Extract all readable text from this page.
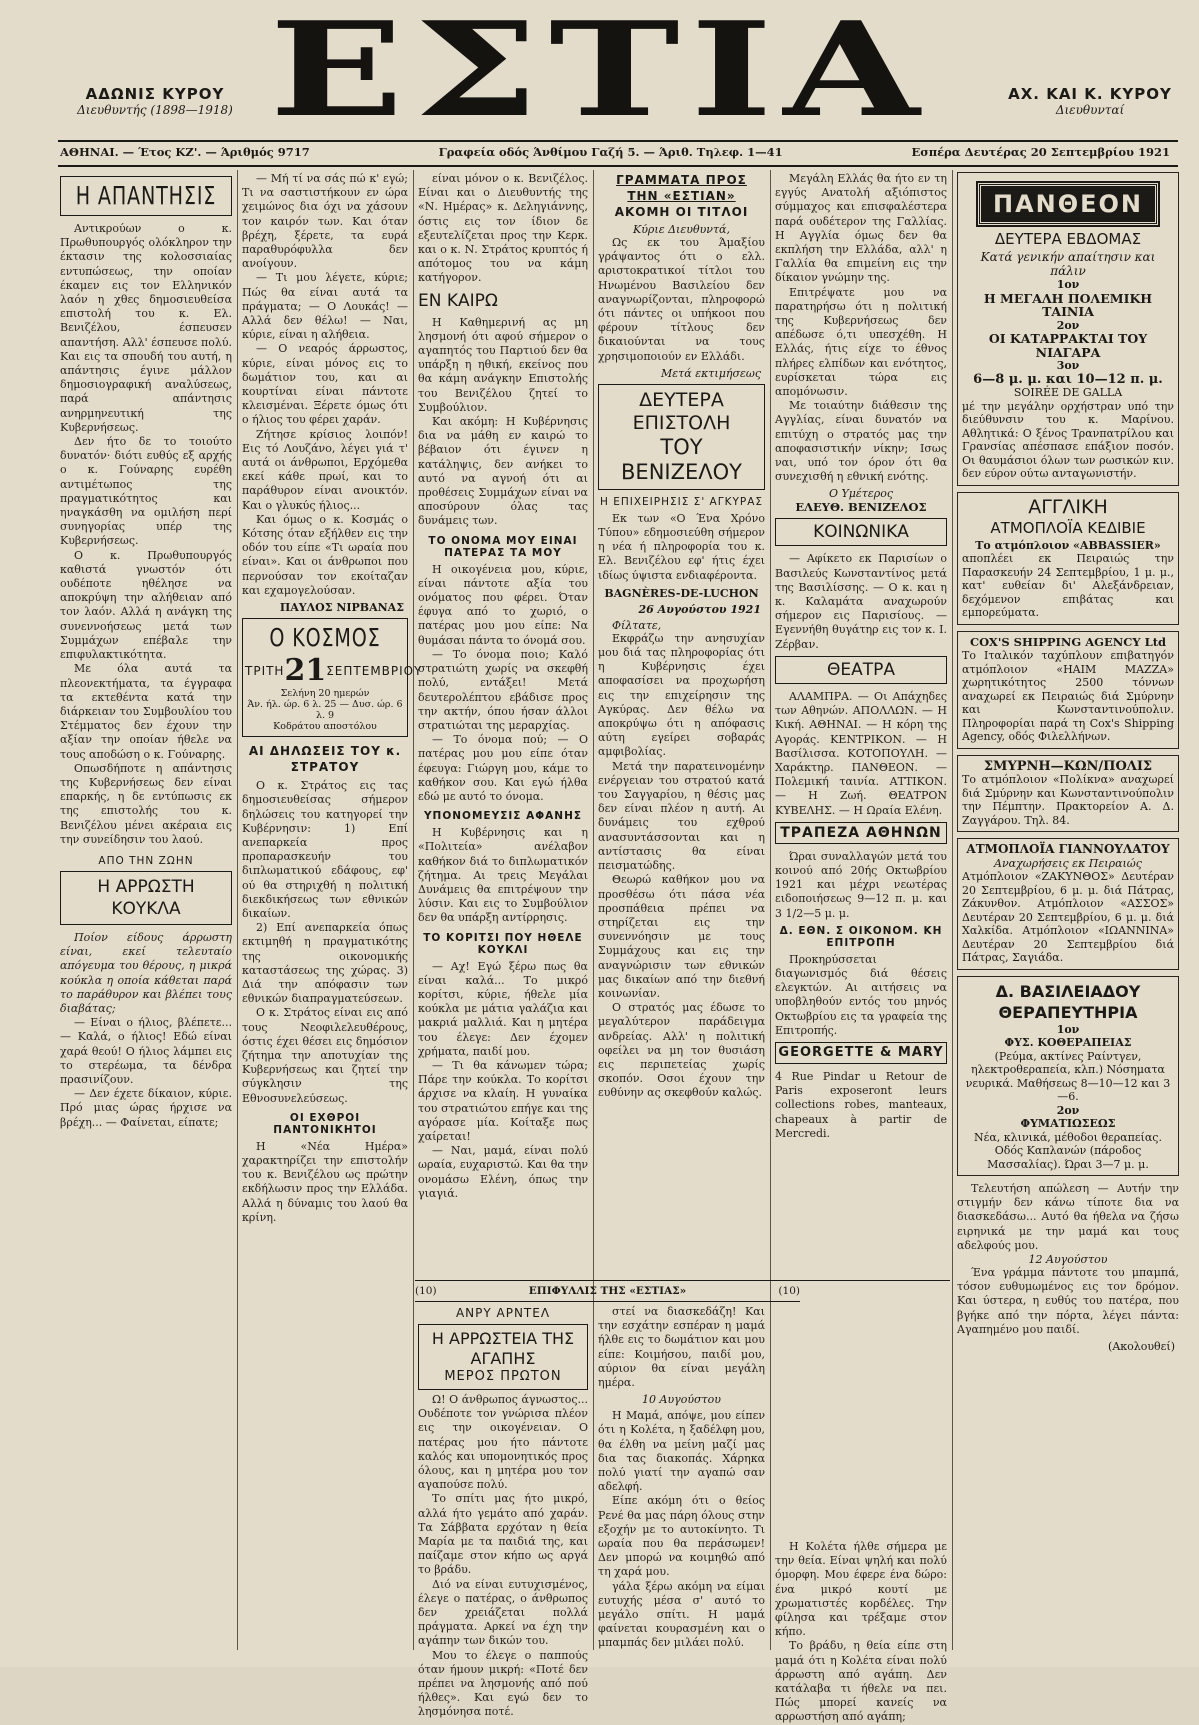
ΑΔΩΝΙΣ ΚΥΡΟΥ
Διευθυντής (1898—1918) ΕΣΤΙΑ	ΑΧ. ΚΑΙ Κ. ΚΥΡΟΥ
Διευθυνταί
ΑΘΗΝΑΙ. — Έτος ΚΖ'. — Άριθμός 9717	Γραφεία οδός Άνθίμου Γαζή 5. — Άριθ. Τηλεφ. 1—41	Εσπέρα Δευτέρας 20 Σεπτεμβρίου 1921
Η ΑΠΑΝΤΗΣΙΣ

Αντικρούων ο κ. Πρωθυπουργός ολόκληρον την έκτασιν της κολοσσιαίας εντυπώσεως, την οποίαν έκαμεν εις τον Ελληνικόν λαόν η χθες δημοσιευθείσα επιστολή του κ. Ελ. Βενιζέλου, έσπευσεν απαντήση. Αλλ' έσπευσε πολύ. Και εις τα σπουδή του αυτή, η απάντησις έγινε μάλλον δημοσιογραφική αναλύσεως, παρά απάντησις ανηρμηνευτική της Κυβερνήσεως.

Δεν ήτο δε το τοιούτο δυνατόν· διότι ευθύς εξ αρχής ο κ. Γούναρης ευρέθη αντιμέτωπος της πραγματικότητος και ηναγκάσθη να ομιλήση περί συνηγορίας υπέρ της Κυβερνήσεως.

Ο κ. Πρωθυπουργός καθιστά γνωστόν ότι ουδέποτε ηθέλησε να αποκρύψη την αλήθειαν από τον λαόν. Αλλά η ανάγκη της συνεννοήσεως μετά των Συμμάχων επέβαλε την επιφυλακτικότητα.

Με όλα αυτά τα πλεονεκτήματα, τα έγγραφα τα εκτεθέντα κατά την διάρκειαν του Συμβουλίου του Στέμματος δεν έχουν την αξίαν την οποίαν ήθελε να τους αποδώση ο κ. Γούναρης.

Οπωσδήποτε η απάντησις της Κυβερνήσεως δεν είναι επαρκής, η δε εντύπωσις εκ της επιστολής του κ. Βενιζέλου μένει ακέραια εις την συνείδησιν του λαού.

ΑΠΟ ΤΗΝ ΖΩΗΝ
Η ΑΡΡΩΣΤΗ ΚΟΥΚΛΑ

Ποίον είδους άρρωστη είναι, εκεί τελευταίο απόγευμα του θέρους, η μικρά κούκλα η οποία κάθεται παρά το παράθυρον και βλέπει τους διαβάτας;

— Είναι ο ήλιος, βλέπετε... — Καλά, ο ήλιος! Εδώ είναι χαρά θεού! Ο ήλιος λάμπει εις το στερέωμα, τα δένδρα πρασινίζουν.

— Δεν έχετε δίκαιον, κύριε. Πρό μιας ώρας ήρχισε να βρέχη... — Φαίνεται, είπατε;

— Μή τί να σάς πώ κ' εγώ; Τι να σαστιστήκουν εν ώρα χειμώνος δια όχι να χάσουν τον καιρόν των. Και όταν βρέχη, ξέρετε, τα ευρά παραθυρόφυλλα δεν ανοίγουν.

— Τι μου λέγετε, κύριε; Πώς θα είναι αυτά τα πράγματα; — Ο Λουκάς! — Αλλά δεν θέλω! — Ναι, κύριε, είναι η αλήθεια.

— Ο νεαρός άρρωστος, κύριε, είναι μόνος εις το δωμάτιον του, και αι κουρτίναι είναι πάντοτε κλεισμέναι. Ξέρετε όμως ότι ο ήλιος του φέρει χαράν.

Ζήτησε κρίσιος λοιπόν! Εις τό Λουζάνο, λέγει γιά τ' αυτά οι άνθρωποι, Ερχόμεθα εκεί κάθε πρωί, και το παράθυρον είναι ανοικτόν. Και ο γλυκύς ήλιος...

Και όμως ο κ. Κοσμάς ο Κότσης όταν εξήλθεν εις την οδόν του είπε «Τι ωραία που είναι». Και οι άνθρωποι που περνούσαν τον εκοίταζαν και εχαμογελούσαν.

ΠΑΥΛΟΣ ΝΙΡΒΑΝΑΣ
Ο ΚΟΣΜΟΣ
ΤΡΙΤΗ 21 ΣΕΠΤΕΜΒΡΙΟΥ
Σελήνη 20 ημερών
Άν. ήλ. ώρ. 6 λ. 25 — Δυσ. ώρ. 6 λ. 9
Κοδράτου αποστόλου
ΑΙ ΔΗΛΩΣΕΙΣ ΤΟΥ κ. ΣΤΡΑΤΟΥ

Ο κ. Στράτος εις τας δημοσιευθείσας σήμερον δηλώσεις του κατηγορεί την Κυβέρνησιν: 1) Επί ανεπαρκεία προς προπαρασκευήν του διπλωματικού εδάφους, εφ' ού θα στηριχθή η πολιτική διεκδικήσεως των εθνικών δικαίων.

2) Επί ανεπαρκεία όπως εκτιμηθή η πραγματικότης της οικονομικής καταστάσεως της χώρας. 3) Διά την απόφασιν των εθνικών διαπραγματεύσεων.

Ο κ. Στράτος είναι εις από τους Νεοφιλελευθέρους, όστις έχει θέσει εις δημόσιον ζήτημα την αποτυχίαν της Κυβερνήσεως και ζητεί την σύγκλησιν της Εθνοσυνελεύσεως.

ΟΙ ΕΧΘΡΟΙ ΠΑΝΤΟΝΙΚΗΤΟΙ

Η «Νέα Ημέρα» χαρακτηρίζει την επιστολήν του κ. Βενιζέλου ως πρώτην εκδήλωσιν προς την Ελλάδα. Αλλά η δύναμις του λαού θα κρίνη.

είναι μόνον ο κ. Βενιζέλος. Είναι και ο Διευθυντής της «Ν. Ημέρας» κ. Δεληγιάννης, όστις εις τον ίδιον δε εξευτελίζεται προς την Κερκ. και ο κ. Ν. Στράτος κρυπτός ή απότομος του να κάμη κατήγορον.

ΕΝ ΚΑΙΡΩ

Η Καθημερινή ας μη λησμονή ότι αφού σήμερον ο αγαπητός του Παρτιού δεν θα υπάρξη η ηθική, εκείνος που θα κάμη ανάγκην Επιστολής του Βενιζέλου ζητεί το Συμβούλιον.

Και ακόμη: Η Κυβέρνησις δια να μάθη εν καιρώ το βέβαιον ότι έγινεν η κατάληψις, δεν ανήκει το αυτό να αγνοή ότι αι προθέσεις Συμμάχων είναι να αποσύρουν όλας τας δυνάμεις των.

ΤΟ ΟΝΟΜΑ ΜΟΥ ΕΙΝΑΙ ΠΑΤΕΡΑΣ ΤΑ ΜΟΥ

Η οικογένεια μου, κύριε, είναι πάντοτε αξία του ονόματος που φέρει. Όταν έφυγα από το χωριό, ο πατέρας μου μου είπε: Να θυμάσαι πάντα το όνομά σου.

— Το όνομα ποιο; Καλό στρατιώτη χωρίς να σκεφθή πολύ, εντάξει! Μετά δευτερολέπτου εβάδισε προς την ακτήν, όπου ήσαν άλλοι στρατιώται της μεραρχίας.

— Το όνομα πού; — Ο πατέρας μου μου είπε όταν έφευγα: Γιώργη μου, κάμε το καθήκον σου. Και εγώ ήλθα εδώ με αυτό το όνομα.

ΥΠΟΝΟΜΕΥΣΙΣ ΑΦΑΝΗΣ

Η Κυβέρνησις και η «Πολιτεία» ανέλαβον καθήκον διά το διπλωματικόν ζήτημα. Αι τρεις Μεγάλαι Δυνάμεις θα επιτρέψουν την λύσιν. Και εις το Συμβούλιον δεν θα υπάρξη αντίρρησις.

ΤΟ ΚΟΡΙΤΣΙ ΠΟΥ ΗΘΕΛΕ ΚΟΥΚΛΙ

— Αχ! Εγώ ξέρω πως θα είναι καλά... Το μικρό κορίτσι, κύριε, ήθελε μία κούκλα με μάτια γαλάζια και μακριά μαλλιά. Και η μητέρα του έλεγε: Δεν έχομεν χρήματα, παιδί μου.

— Τι θα κάνωμεν τώρα; Πάρε την κούκλα. Το κορίτσι άρχισε να κλαίη. Η γυναίκα του στρατιώτου επήγε και της αγόρασε μία. Κοίταξε πως χαίρεται!

— Ναι, μαμά, είναι πολύ ωραία, ευχαριστώ. Και θα την ονομάσω Ελένη, όπως την γιαγιά.

ΓΡΑΜΜΑΤΑ ΠΡΟΣ ΤΗΝ «ΕΣΤΙΑΝ»
ΑΚΟΜΗ ΟΙ ΤΙΤΛΟΙ
Κύριε Διευθυντά,

Ως εκ του Άμαξίου γράψαντος ότι ο ελλ. αριστοκρατικοί τίτλοι του Ηνωμένου Βασιλείου δεν αναγνωρίζονται, πληροφορώ ότι πάντες οι υπήκοοι που φέρουν τίτλους δεν δικαιούνται να τους χρησιμοποιούν εν Ελλάδι.

Μετά εκτιμήσεως
ΔΕΥΤΕΡΑ ΕΠΙΣΤΟΛΗ
ΤΟΥ ΒΕΝΙΖΕΛΟΥ
Η ΕΠΙΧΕΙΡΗΣΙΣ Σ' ΑΓΚΥΡΑΣ

Εκ των «Ο Ένα Χρόνο Τύπου» εδημοσιεύθη σήμερον η νέα ή πληροφορία του κ. Ελ. Βενιζέλου εφ' ήτις έχει ιδίως ύψιστα ενδιαφέροντα.

BAGNÈRES-DE-LUCHON
26 Αυγούστου 1921
Φίλτατε,

Εκφράζω την ανησυχίαν μου διά τας πληροφορίας ότι η Κυβέρνησις έχει αποφασίσει να προχωρήση εις την επιχείρησιν της Αγκύρας. Δεν θέλω να αποκρύψω ότι η απόφασις αύτη εγείρει σοβαράς αμφιβολίας.

Μετά την παρατεινομένην ενέργειαν του στρατού κατά του Σαγγαρίου, η θέσις μας δεν είναι πλέον η αυτή. Αι δυνάμεις του εχθρού ανασυντάσσονται και η αντίστασις θα είναι πεισματώδης.

Θεωρώ καθήκον μου να προσθέσω ότι πάσα νέα προσπάθεια πρέπει να στηρίζεται εις την συνεννόησιν με τους Συμμάχους και εις την αναγνώρισιν των εθνικών μας δικαίων από την διεθνή κοινωνίαν.

Ο στρατός μας έδωσε το μεγαλύτερον παράδειγμα ανδρείας. Αλλ' η πολιτική οφείλει να μη τον θυσιάση εις περιπετείας χωρίς σκοπόν. Οσοι έχουν την ευθύνην ας σκεφθούν καλώς.

Μεγάλη Ελλάς θα ήτο εν τη εγγύς Ανατολή αξιόπιστος σύμμαχος και επισφαλέστερα παρά ουδέτερον της Γαλλίας. Η Αγγλία όμως δεν θα εκπλήση την Ελλάδα, αλλ' η Γαλλία θα επιμείνη εις την δίκαιον γνώμην της.

Επιτρέψατε μου να παρατηρήσω ότι η πολιτική της Κυβερνήσεως δεν απέδωσε ό,τι υπεσχέθη. Η Ελλάς, ήτις είχε το έθνος πλήρες ελπίδων και ενότητος, ευρίσκεται τώρα εις απομόνωσιν.

Με τοιαύτην διάθεσιν της Αγγλίας, είναι δυνατόν να επιτύχη ο στρατός μας την αποφασιστικήν νίκην; Ισως ναι, υπό τον όρον ότι θα συνεχισθή η εθνική ενότης.

Ο Υμέτερος
ΕΛΕΥΘ. ΒΕΝΙΖΕΛΟΣ
ΚΟΙΝΩΝΙΚΑ

— Αφίκετο εκ Παρισίων ο Βασιλεύς Κωνσταντίνος μετά της Βασιλίσσης. — Ο κ. και η κ. Καλαμάτα αναχωρούν σήμερον εις Παρισίους. — Εγεννήθη θυγάτηρ εις τον κ. Ι. Ζέρβαν.

ΘΕΑΤΡΑ

ΑΛΑΜΠΡΑ. — Οι Απάχηδες των Αθηνών. ΑΠΟΛΛΩΝ. — Η Κική. ΑΘΗΝΑΙ. — Η κόρη της Αγοράς. ΚΕΝΤΡΙΚΟΝ. — Η Βασίλισσα. ΚΟΤΟΠΟΥΛΗ. — Χαράκτηρ. ΠΑΝΘΕΟΝ. — Πολεμική ταινία. ΑΤΤΙΚΟΝ. — Η Ζωή. ΘΕΑΤΡΟΝ ΚΥΒΕΛΗΣ. — Η Ωραία Ελένη.

ΤΡΑΠΕΖΑ ΑΘΗΝΩΝ

Ώραι συναλλαγών μετά του κοινού από 20ής Οκτωβρίου 1921 και μέχρι νεωτέρας ειδοποιήσεως 9—12 π. μ. και 3 1/2—5 μ. μ.

Δ. ΕΘΝ. Σ ΟΙΚΟΝΟΜ. ΚΗ ΕΠΙΤΡΟΠΗ

Προκηρύσσεται διαγωνισμός διά θέσεις ελεγκτών. Αι αιτήσεις να υποβληθούν εντός του μηνός Οκτωβρίου εις τα γραφεία της Επιτροπής.

GEORGETTE & MARY

4 Rue Pindar u Retour de Paris exposeront leurs collections robes, manteaux, chapeaux à partir de Mercredi.

ΠΑΝΘΕΟΝ
ΔΕΥΤΕΡΑ ΕΒΔΟΜΑΣ
Κατά γενικήν απαίτησιν και πάλιν
1ον
Η ΜΕΓΑΛΗ ΠΟΛΕΜΙΚΗ ΤΑΙΝΙΑ
2ον
ΟΙ ΚΑΤΑΡΡΑΚΤΑΙ ΤΟΥ ΝΙΑΓΑΡΑ
3ον
6—8 μ. μ. και 10—12 π. μ.
SOIRÉE DE GALLA
μέ την μεγάλην ορχήστραν υπό την διεύθυνσιν του κ. Μαρίνου. Αθλητικά: Ο ξένος Τρανπατρίλου και Γρανσίας απέσπασε επάξιον ποσόν. Οι θαυμάσιοι όλων των ρωσικών κιν. δεν εύρον ούτω ανταγωνιστήν.
ΑΓΓΛΙΚΗ
ΑΤΜΟΠΛΟΪΑ ΚΕΔΙΒΙΕ
Το ατμόπλοιον «ABBASSIER»
αποπλέει εκ Πειραιώς την Παρασκευήν 24 Σεπτεμβρίου, 1 μ. μ., κατ' ευθείαν δι' Αλεξάνδρειαν, δεχόμενον επιβάτας και εμπορεύματα.
COX'S SHIPPING AGENCY Ltd
Το Ιταλικόν ταχύπλουν επιβατηγόν ατμόπλοιον «HAIM MAZZA» χωρητικότητος 2500 τόννων αναχωρεί εκ Πειραιώς διά Σμύρνην και Κωνσταντινούπολιν. Πληροφορίαι παρά τη Cox's Shipping Agency, οδός Φιλελλήνων.
ΣΜΥΡΝΗ—ΚΩΝ/ΠΟΛΙΣ
Το ατμόπλοιον «Πολίκνα» αναχωρεί διά Σμύρνην και Κωνσταντινούπολιν την Πέμπτην. Πρακτορείον Α. Δ. Ζαγγάρου. Τηλ. 84.
ΑΤΜΟΠΛΟΪΑ ΓΙΑΝΝΟΥΛΑΤΟΥ
Αναχωρήσεις εκ Πειραιώς
Ατμόπλοιον «ΖΑΚΥΝΘΟΣ» Δευτέραν 20 Σεπτεμβρίου, 6 μ. μ. διά Πάτρας, Ζάκυνθον. Ατμόπλοιον «ΑΣΣΟΣ» Δευτέραν 20 Σεπτεμβρίου, 6 μ. μ. διά Χαλκίδα. Ατμόπλοιον «ΙΩΑΝΝΙΝΑ» Δευτέραν 20 Σεπτεμβρίου διά Πάτρας, Σαγιάδα.
Δ. ΒΑΣΙΛΕΙΑΔΟΥ
ΘΕΡΑΠΕΥΤΗΡΙΑ
1ον
ΦΥΣ. ΚΟΘΕΡΑΠΕΙΑΣ
(Ρεύμα, ακτίνες Ραίντγεν, ηλεκτροθεραπεία, κλπ.) Νόσηματα νευρικά. Μαθήσεως 8—10—12 και 3—6.
2ον
ΦΥΜΑΤΙΩΣΕΩΣ
Νέα, κλινικά, μέθοδοι θεραπείας. Οδός Καπλανών (πάροδος Μασσαλίας). Ώραι 3—7 μ. μ.

Τελευτήση απώλεση — Αυτήν την στιγμήν δεν κάνω τίποτε δια να διασκεδάσω... Αυτό θα ήθελα να ζήσω ειρηνικά με την μαμά και τους αδελφούς μου.

12 Αυγούστου

Ένα γράμμα πάντοτε του μπαμπά, τόσον ευθυμωμένος εις τον δρόμον. Και ύστερα, η ευθύς του πατέρα, που βγήκε από την πόρτα, λέγει πάντα: Αγαπημένο μου παιδί.

(Ακολουθεί)
(10)	ΕΠΙΦΥΛΛΙΣ ΤΗΣ «ΕΣΤΙΑΣ»	(10)
ΑΝΡΥ ΑΡΝΤΕΛ
Η ΑΡΡΩΣΤΕΙΑ ΤΗΣ ΑΓΑΠΗΣ
ΜΕΡΟΣ ΠΡΩΤΟΝ

Ω! Ο άνθρωπος άγνωστος... Ουδέποτε τον γνώρισα πλέον εις την οικογένειαν. Ο πατέρας μου ήτο πάντοτε καλός και υπομονητικός προς όλους, και η μητέρα μου τον αγαπούσε πολύ.

Το σπίτι μας ήτο μικρό, αλλά ήτο γεμάτο από χαράν. Τα Σάββατα ερχόταν η θεία Μαρία με τα παιδιά της, και παίζαμε στον κήπο ως αργά το βράδυ.

Διό να είναι ευτυχισμένος, έλεγε ο πατέρας, ο άνθρωπος δεν χρειάζεται πολλά πράγματα. Αρκεί να έχη την αγάπην των δικών του.

Μου το έλεγε ο παππούς όταν ήμουν μικρή: «Ποτέ δεν πρέπει να λησμονής από πού ήλθες». Και εγώ δεν το λησμόνησα ποτέ.

στεί να διασκεδάζη! Και την εσχάτην εσπέραν η μαμά ήλθε εις το δωμάτιον και μου είπε: Κοιμήσου, παιδί μου, αύριον θα είναι μεγάλη ημέρα.

10 Αυγούστου

Η Μαμά, απόψε, μου είπεν ότι η Κολέτα, η ξαδέλφη μου, θα έλθη να μείνη μαζί μας δια τας διακοπάς. Χάρηκα πολύ γιατί την αγαπώ σαν αδελφή.

Είπε ακόμη ότι ο θείος Ρενέ θα μας πάρη όλους στην εξοχήν με το αυτοκίνητο. Τι ωραία που θα περάσωμεν! Δεν μπορώ να κοιμηθώ από τη χαρά μου.

γάλα ξέρω ακόμη να είμαι ευτυχής μέσα σ' αυτό το μεγάλο σπίτι. Η μαμά φαίνεται κουρασμένη και ο μπαμπάς δεν μιλάει πολύ.

Η Κολέτα ήλθε σήμερα με την θεία. Είναι ψηλή και πολύ όμορφη. Μου έφερε ένα δώρο: ένα μικρό κουτί με χρωματιστές κορδέλες. Την φίλησα και τρέξαμε στον κήπο.

Το βράδυ, η θεία είπε στη μαμά ότι η Κολέτα είναι πολύ άρρωστη από αγάπη. Δεν κατάλαβα τι ήθελε να πει. Πώς μπορεί κανείς να αρρωστήση από αγάπη;
